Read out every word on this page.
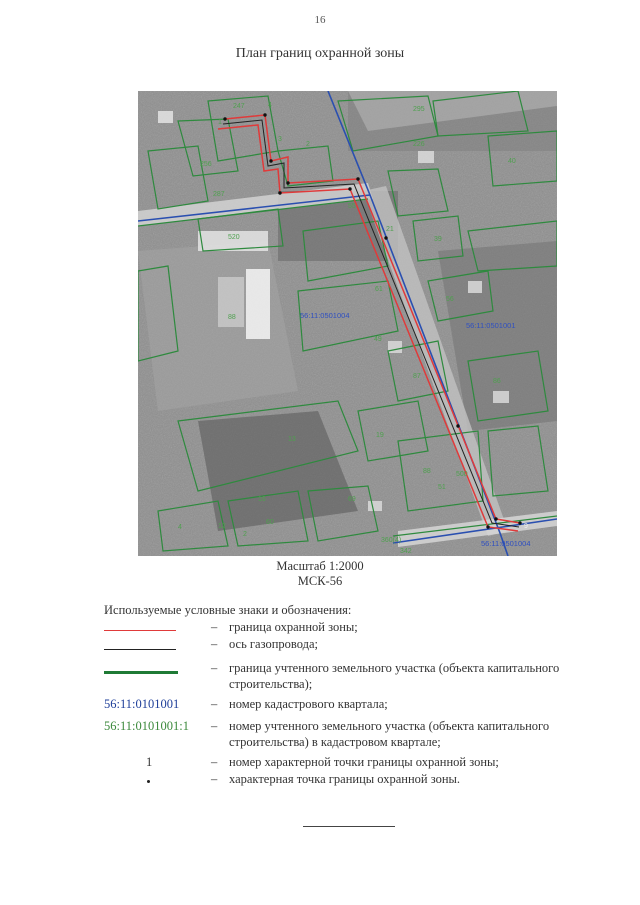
16
План границ охранной зоны
247	4
3
2
1
295
226
256
287
21
520
88
55
61
40
39
56
86
49
87
13
19
88
51
500
69
16
12
4
2
60
360(4)
342
9
56:11:0501004
56:11:0501001
56:11:0501004
Масштаб 1:2000
МСК-56
Используемые условные знаки и обозначения:
– граница охранной зоны;
– ось газопровода;
– граница учтенного земельного участка (объекта капитального строительства);
56:11:0101001	– номер кадастрового квартала;
56:11:0101001:1	– номер учтенного земельного участка (объекта капитального строительства) в кадастровом квартале;
1	– номер характерной точки границы охранной зоны;
– характерная точка границы охранной зоны.
